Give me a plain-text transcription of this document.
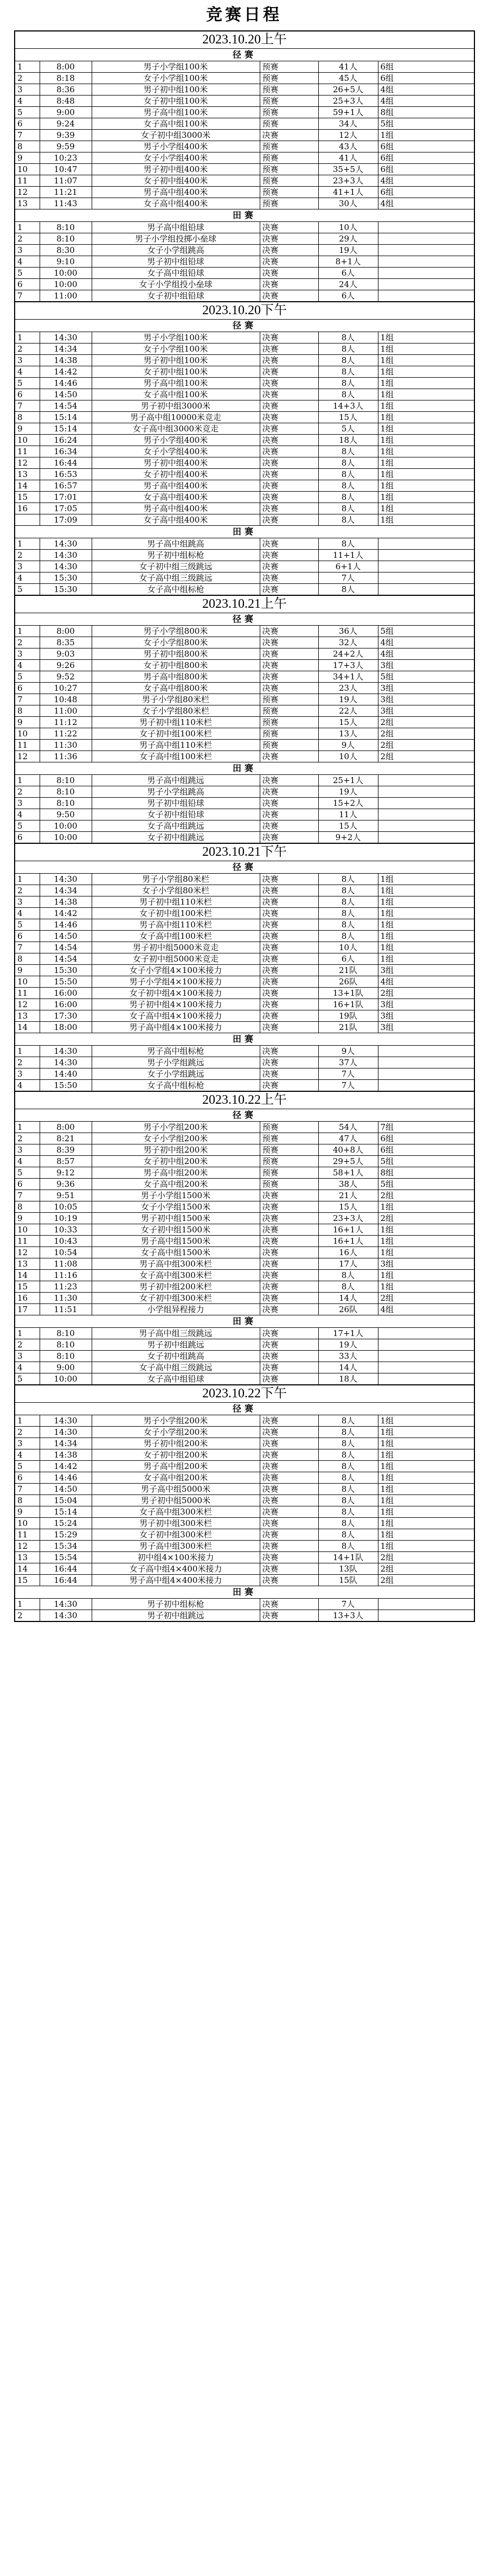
竞赛日程
2023.10.20上午					
径赛					
1	8:00	男子小学组100米	预赛	41人	6组
2	8:18	女子小学组100米	预赛	45人	6组
3	8:36	男子初中组100米	预赛	26+5人	4组
4	8:48	女子初中组100米	预赛	25+3人	4组
5	9:00	男子高中组100米	预赛	59+1人	8组
6	9:24	女子高中组100米	预赛	34人	5组
7	9:39	女子初中组3000米	决赛	12人	1组
8	9:59	男子小学组400米	预赛	43人	6组
9	10:23	女子小学组400米	预赛	41人	6组
10	10:47	男子初中组400米	预赛	35+5人	6组
11	11:07	女子初中组400米	预赛	23+3人	4组
12	11:21	男子高中组400米	预赛	41+1人	6组
13	11:43	女子高中组400米	预赛	30人	4组
田赛					
1	8:10	男子高中组铅球	决赛	10人	
2	8:10	男子小学组投掷小垒球	决赛	29人	
3	8:30	女子小学组跳高	决赛	19人	
4	9:10	男子初中组铅球	决赛	8+1人	
5	10:00	女子高中组铅球	决赛	6人	
6	10:00	女子小学组投小垒球	决赛	24人	
7	11:00	女子初中组铅球	决赛	6人	
2023.10.20下午					
径赛					
1	14:30	男子小学组100米	决赛	8人	1组
2	14:34	女子小学组100米	决赛	8人	1组
3	14:38	男子初中组100米	决赛	8人	1组
4	14:42	女子初中组100米	决赛	8人	1组
5	14:46	男子高中组100米	决赛	8人	1组
6	14:50	女子高中组100米	决赛	8人	1组
7	14:54	男子初中组3000米	决赛	14+3人	1组
8	15:14	男子高中组10000米竞走	决赛	15人	1组
9	15:14	女子高中组3000米竞走	决赛	5人	1组
10	16:24	男子小学组400米	决赛	18人	1组
11	16:34	女子小学组400米	决赛	8人	1组
12	16:44	男子初中组400米	决赛	8人	1组
13	16:53	女子初中组400米	决赛	8人	1组
14	16:57	男子高中组400米	决赛	8人	1组
15	17:01	女子高中组400米	决赛	8人	1组
16	17:05	男子高中组400米	决赛	8人	1组
	17:09	女子高中组400米	决赛	8人	1组
田赛					
1	14:30	男子高中组跳高	决赛	8人	
2	14:30	男子初中组标枪	决赛	11+1人	
3	14:30	女子初中组三级跳远	决赛	6+1人	
4	15:30	女子高中组三级跳远	决赛	7人	
5	15:30	女子高中组标枪	决赛	8人	
2023.10.21上午					
径赛					
1	8:00	男子小学组800米	决赛	36人	5组
2	8:35	女子小学组800米	决赛	32人	4组
3	9:03	男子初中组800米	决赛	24+2人	4组
4	9:26	女子初中组800米	决赛	17+3人	3组
5	9:52	男子高中组800米	决赛	34+1人	5组
6	10:27	女子高中组800米	决赛	23人	3组
7	10:48	男子小学组80米栏	预赛	19人	3组
8	11:00	女子小学组80米栏	预赛	22人	3组
9	11:12	男子初中组110米栏	预赛	15人	2组
10	11:22	女子初中组100米栏	预赛	13人	2组
11	11:30	男子高中组110米栏	预赛	9人	2组
12	11:36	女子高中组100米栏	决赛	10人	2组
田赛					
1	8:10	男子高中组跳远	决赛	25+1人	
2	8:10	男子小学组跳高	决赛	19人	
3	8:10	男子初中组铅球	决赛	15+2人	
4	9:50	女子初中组铅球	决赛	11人	
5	10:00	女子高中组跳远	决赛	15人	
6	10:00	女子初中组跳远	决赛	9+2人	
2023.10.21下午					
径赛					
1	14:30	男子小学组80米栏	决赛	8人	1组
2	14:34	女子小学组80米栏	决赛	8人	1组
3	14:38	男子初中组110米栏	决赛	8人	1组
4	14:42	女子初中组100米栏	决赛	8人	1组
5	14:46	男子高中组110米栏	决赛	8人	1组
6	14:50	女子高中组100米栏	决赛	8人	1组
7	14:54	男子初中组5000米竞走	决赛	10人	1组
8	14:54	女子初中组5000米竞走	决赛	6人	1组
9	15:30	女子小学组4×100米接力	决赛	21队	3组
10	15:50	男子小学组4×100米接力	决赛	26队	4组
11	16:00	女子初中组4×100米接力	决赛	13+1队	2组
12	16:00	男子初中组4×100米接力	决赛	16+1队	3组
13	17:30	女子高中组4×100米接力	决赛	19队	3组
14	18:00	男子高中组4×100米接力	决赛	21队	3组
田赛					
1	14:30	男子高中组标枪	决赛	9人	
2	14:30	男子小学组跳远	决赛	37人	
3	14:40	女子小学组跳远	决赛	7人	
4	15:50	女子高中组标枪	决赛	7人	
2023.10.22上午					
径赛					
1	8:00	男子小学组200米	预赛	54人	7组
2	8:21	女子小学组200米	预赛	47人	6组
3	8:39	男子初中组200米	预赛	40+8人	6组
4	8:57	女子初中组200米	预赛	29+5人	5组
5	9:12	男子高中组200米	预赛	58+1人	8组
6	9:36	女子高中组200米	预赛	38人	5组
7	9:51	男子小学组1500米	决赛	21人	2组
8	10:05	女子小学组1500米	决赛	15人	1组
9	10:19	男子初中组1500米	决赛	23+3人	2组
10	10:33	女子初中组1500米	决赛	16+1人	1组
11	10:43	男子高中组1500米	决赛	16+1人	1组
12	10:54	女子高中组1500米	决赛	16人	1组
13	11:08	男子高中组300米栏	决赛	17人	3组
14	11:16	女子高中组300米栏	决赛	8人	1组
15	11:23	男子初中组200米栏	决赛	8人	1组
16	11:30	女子初中组300米栏	决赛	14人	2组
17	11:51	小学组异程接力	决赛	26队	4组
田赛					
1	8:10	男子高中组三级跳远	决赛	17+1人	
2	8:10	男子初中组跳远	决赛	19人	
3	8:10	女子初中组跳高	决赛	33人	
4	9:00	女子高中组三级跳远	决赛	14人	
5	10:00	女子高中组铅球	决赛	18人	
2023.10.22下午					
径赛					
1	14:30	男子小学组200米	决赛	8人	1组
2	14:30	女子小学组200米	决赛	8人	1组
3	14:34	男子初中组200米	决赛	8人	1组
4	14:38	女子初中组200米	决赛	8人	1组
5	14:42	男子高中组200米	决赛	8人	1组
6	14:46	女子高中组200米	决赛	8人	1组
7	14:50	男子高中组5000米	决赛	8人	1组
8	15:04	男子初中组5000米	决赛	8人	1组
9	15:14	女子高中组300米栏	决赛	8人	1组
10	15:24	男子初中组300米栏	决赛	8人	1组
11	15:29	女子初中组300米栏	决赛	8人	1组
12	15:34	男子高中组300米栏	决赛	8人	1组
13	15:54	初中组4×100米接力	决赛	14+1队	2组
14	16:44	女子高中组4×400米接力	决赛	13队	2组
15	16:44	男子高中组4×400米接力	决赛	15队	2组
田赛					
1	14:30	男子初中组标枪	决赛	7人	
2	14:30	男子初中组跳远	决赛	13+3人	
